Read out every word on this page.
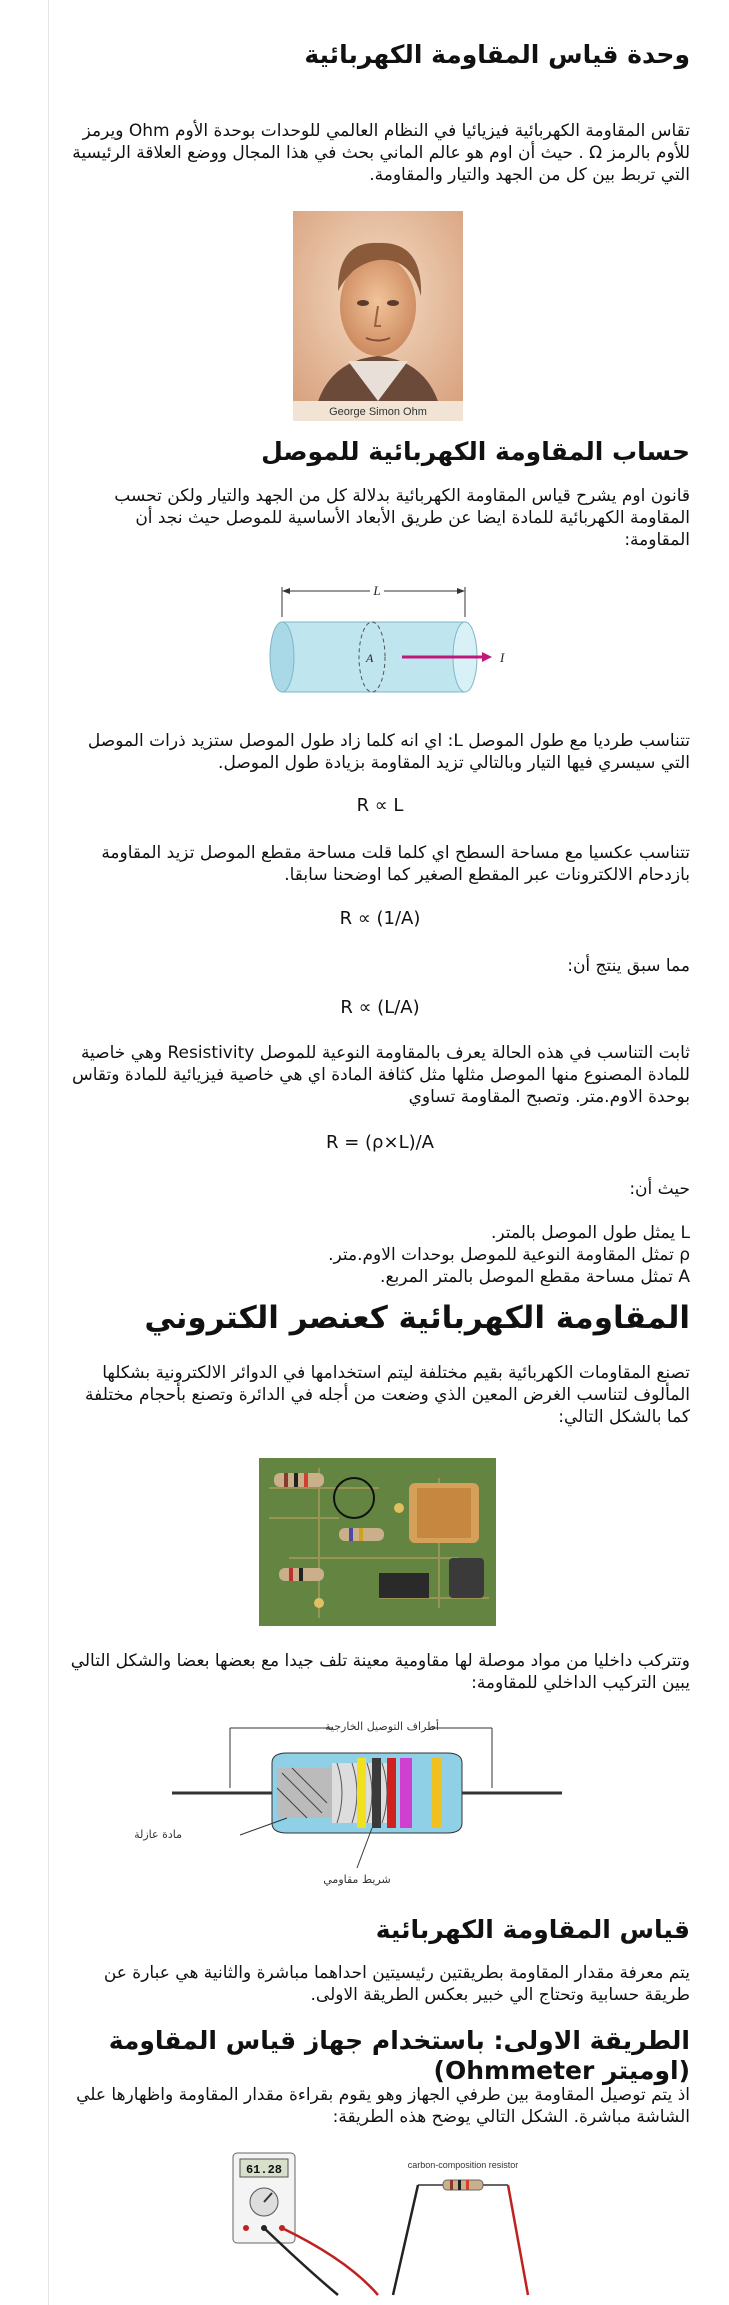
وحدة قياس المقاومة الكهربائية

تقاس المقاومة الكهربائية فيزيائيا في النظام العالمي للوحدات بوحدة الأوم Ohm ويرمز للأوم بالرمز Ω . حيث أن اوم هو عالم الماني بحث في هذا المجال ووضع العلاقة الرئيسية التي تربط بين كل من الجهد والتيار والمقاومة.

George Simon Ohm
حساب المقاومة الكهربائية للموصل

قانون اوم يشرح قياس المقاومة الكهربائية بدلالة كل من الجهد والتيار ولكن تحسب المقاومة الكهربائية للمادة ايضا عن طريق الأبعاد الأساسية للموصل حيث نجد أن المقاومة:

L
A	I

تتناسب طرديا مع طول الموصل L: اي انه كلما زاد طول الموصل ستزيد ذرات الموصل التي سيسري فيها التيار وبالتالي تزيد المقاومة بزيادة طول الموصل.

R ∝ L

تتناسب عكسيا مع مساحة السطح اي كلما قلت مساحة مقطع الموصل تزيد المقاومة بازدحام الالكترونات عبر المقطع الصغير كما اوضحنا سابقا.

R ∝ (1/A)

مما سبق ينتج أن:

R ∝ (L/A)

ثابت التناسب في هذه الحالة يعرف بالمقاومة النوعية للموصل Resistivity وهي خاصية للمادة المصنوع منها الموصل مثلها مثل كثافة المادة اي هي خاصية فيزيائية للمادة وتقاس بوحدة الاوم.متر. وتصبح المقاومة تساوي

R = (ρ×L)/A

حيث أن:

L يمثل طول الموصل بالمتر.

ρ تمثل المقاومة النوعية للموصل بوحدات الاوم.متر.

A تمثل مساحة مقطع الموصل بالمتر المربع.

المقاومة الكهربائية كعنصر الكتروني

تصنع المقاومات الكهربائية بقيم مختلفة ليتم استخدامها في الدوائر الالكترونية بشكلها المألوف لتناسب الغرض المعين الذي وضعت من أجله في الدائرة وتصنع بأحجام مختلفة كما بالشكل التالي:

وتتركب داخليا من مواد موصلة لها مقاومية معينة تلف جيدا مع بعضها بعضا والشكل التالي يبين التركيب الداخلي للمقاومة:

أطراف التوصيل الخارجية
مادة عازلة
شريط مقاومي
قياس المقاومة الكهربائية

يتم معرفة مقدار المقاومة بطريقتين رئيسيتين احداهما مباشرة والثانية هي عبارة عن طريقة حسابية وتحتاج الي خبير بعكس الطريقة الاولى.

الطريقة الاولى: باستخدام جهاز قياس المقاومة (اوميتر Ohmmeter)

اذ يتم توصيل المقاومة بين طرفي الجهاز وهو يقوم بقراءة مقدار المقاومة واظهارها علي الشاشة مباشرة. الشكل التالي يوضح هذه الطريقة:

61.28	carbon-composition resistor
